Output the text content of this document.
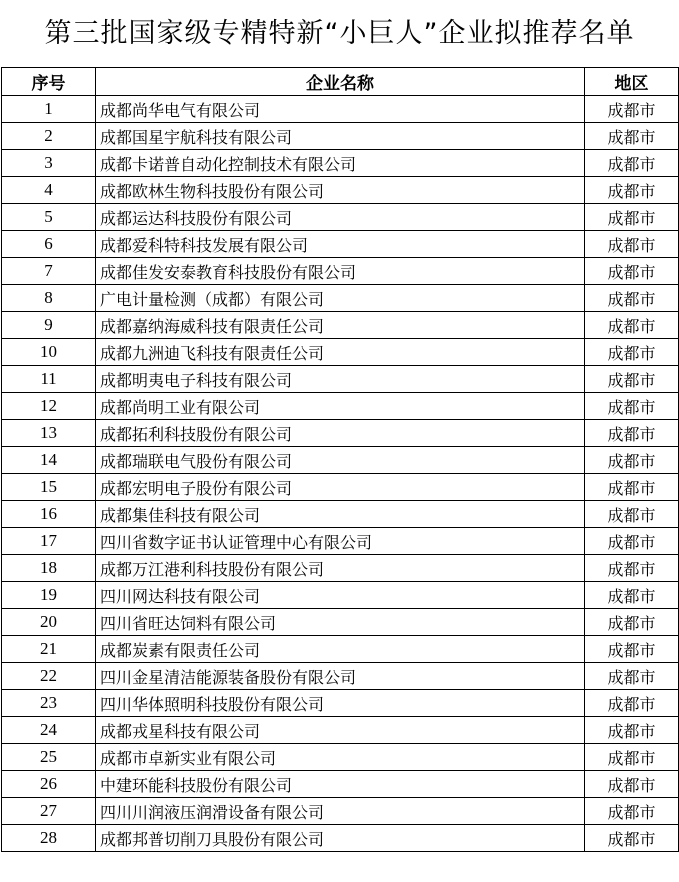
第三批国家级专精特新“小巨人”企业拟推荐名单
序号	企业名称	地区
1	成都尚华电气有限公司	成都市
2	成都国星宇航科技有限公司	成都市
3	成都卡诺普自动化控制技术有限公司	成都市
4	成都欧林生物科技股份有限公司	成都市
5	成都运达科技股份有限公司	成都市
6	成都爱科特科技发展有限公司	成都市
7	成都佳发安泰教育科技股份有限公司	成都市
8	广电计量检测（成都）有限公司	成都市
9	成都嘉纳海威科技有限责任公司	成都市
10	成都九洲迪飞科技有限责任公司	成都市
11	成都明夷电子科技有限公司	成都市
12	成都尚明工业有限公司	成都市
13	成都拓利科技股份有限公司	成都市
14	成都瑞联电气股份有限公司	成都市
15	成都宏明电子股份有限公司	成都市
16	成都集佳科技有限公司	成都市
17	四川省数字证书认证管理中心有限公司	成都市
18	成都万江港利科技股份有限公司	成都市
19	四川网达科技有限公司	成都市
20	四川省旺达饲料有限公司	成都市
21	成都炭素有限责任公司	成都市
22	四川金星清洁能源装备股份有限公司	成都市
23	四川华体照明科技股份有限公司	成都市
24	成都戎星科技有限公司	成都市
25	成都市卓新实业有限公司	成都市
26	中建环能科技股份有限公司	成都市
27	四川川润液压润滑设备有限公司	成都市
28	成都邦普切削刀具股份有限公司	成都市
